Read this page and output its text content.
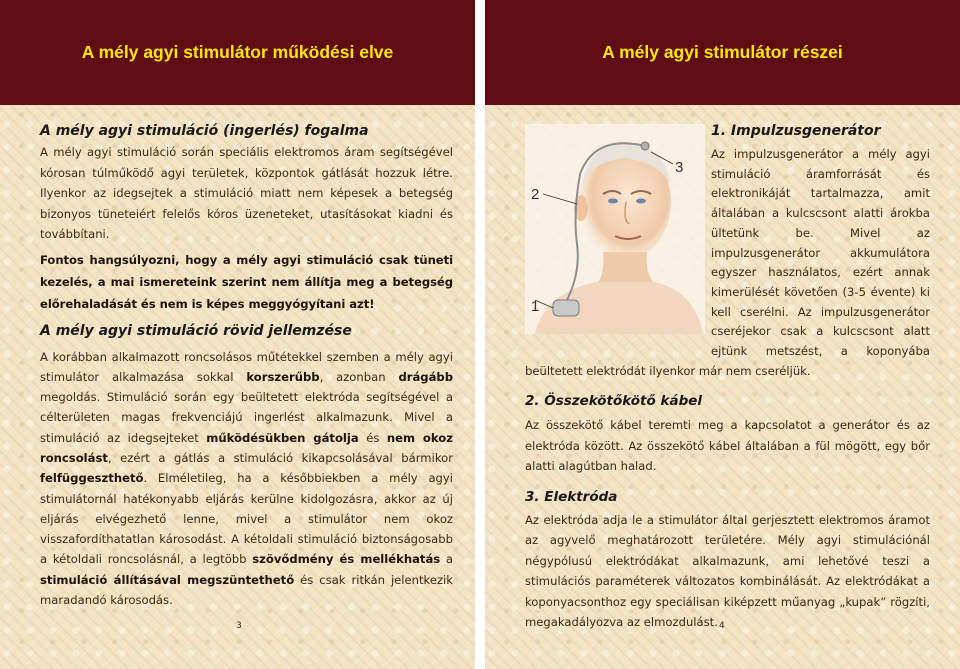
A mély agyi stimulátor működési elve
A mély agyi stimuláció (ingerlés) fogalma

A mély agyi stimuláció során speciális elektromos áram segítségével kórosan túlműködő agyi területek, központok gátlását hozzuk létre. Ilyenkor az idegsejtek a stimuláció miatt nem képesek a betegség bizonyos tüneteiért felelős kóros üzeneteket, utasításokat kiadni és továbbítani.

Fontos hangsúlyozni, hogy a mély agyi stimuláció csak tüneti kezelés, a mai ismereteink szerint nem állítja meg a betegség előrehaladását és nem is képes meggyógyítani azt!

A mély agyi stimuláció rövid jellemzése

A korábban alkalmazott roncsolásos műtétekkel szemben a mély agyi stimulátor alkalmazása sokkal korszerűbb, azonban drágább megoldás. Stimuláció során egy beültetett elektróda segítségével a célterületen magas frekvenciájú ingerlést alkalmazunk. Mivel a stimuláció az idegsejteket működésükben gátolja és nem okoz roncsolást, ezért a gátlás a stimuláció kikapcsolásával bármikor felfüggeszthető. Elméletileg, ha a későbbiekben a mély agyi stimulátornál hatékonyabb eljárás kerülne kidolgozásra, akkor az új eljárás elvégezhető lenne, mivel a stimulátor nem okoz visszafordíthatatlan károsodást. A kétoldali stimuláció biztonságosabb a kétoldali roncsolásnál, a legtöbb szövődmény és mellékhatás a stimuláció állításával megszüntethető és csak ritkán jelentkezik maradandó károsodás.

3
A mély agyi stimulátor részei
1
2
3
1. Impulzusgenerátor

Az impulzusgenerátor a mély agyi stimuláció áramforrását és elektronikáját tartalmazza, amit általában a kulcscsont alatti árokba ültetünk be. Mivel az impulzusgenerátor akkumulátora egyszer használatos, ezért annak kimerülését követően (3-5 évente) ki kell cserélni. Az impulzusgenerátor cseréjekor csak a kulcscsont alatt ejtünk metszést, a koponyába beültetett elektródát ilyenkor már nem cseréljük.

2. Összekötőkötő kábel

Az összekötő kábel teremti meg a kapcsolatot a generátor és az elektróda között. Az összekötő kábel általában a fül mögött, egy bőr alatti alagútban halad.

3. Elektróda

Az elektróda adja le a stimulátor által gerjesztett elektromos áramot az agyvelő meghatározott területére. Mély agyi stimulációnál négypólusú elektródákat alkalmazunk, ami lehetővé teszi a stimulációs paraméterek változatos kombinálását. Az elektródákat a koponyacsonthoz egy speciálisan kiképzett műanyag „kupak” rögzíti, megakadályozva az elmozdulást. 4
